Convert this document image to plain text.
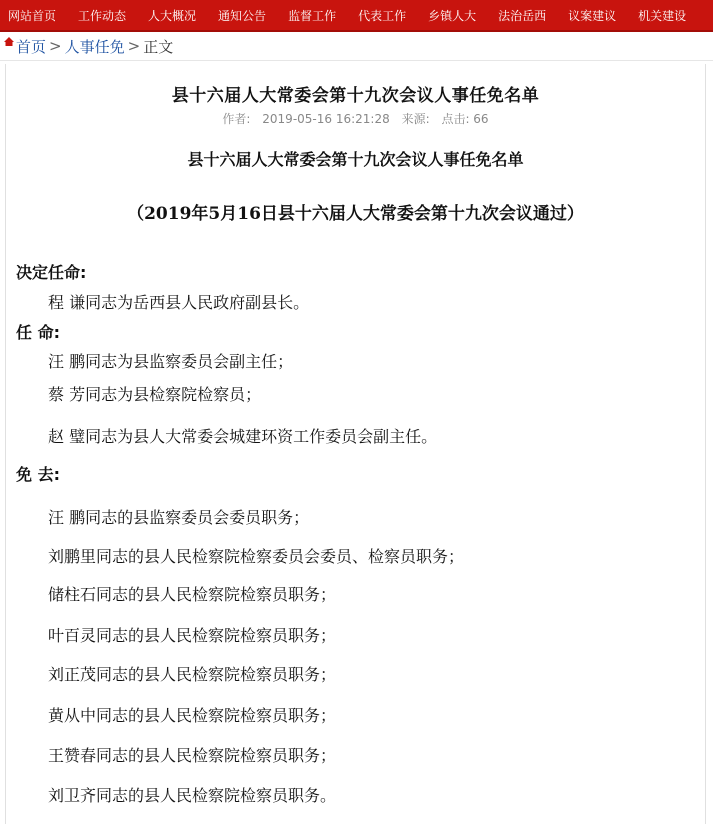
网站首页 工作动态 人大概况 通知公告 监督工作 代表工作 乡镇人大 法治岳西 议案建议 机关建设
首页 > 人事任免 > 正文
县十六届人大常委会第十九次会议人事任免名单
作者: 2019-05-16 16:21:28 来源: 点击: 66
县十六届人大常委会第十九次会议人事任免名单
（2019年5月16日县十六届人大常委会第十九次会议通过）
决定任命:
程 谦同志为岳西县人民政府副县长。
任 命:
汪 鹏同志为县监察委员会副主任；
蔡 芳同志为县检察院检察员；
赵 璧同志为县人大常委会城建环资工作委员会副主任。
免 去:
汪 鹏同志的县监察委员会委员职务；
刘鹏里同志的县人民检察院检察委员会委员、检察员职务；
储柱石同志的县人民检察院检察员职务；
叶百灵同志的县人民检察院检察员职务；
刘正茂同志的县人民检察院检察员职务；
黄从中同志的县人民检察院检察员职务；
王赞春同志的县人民检察院检察员职务；
刘卫齐同志的县人民检察院检察员职务。
